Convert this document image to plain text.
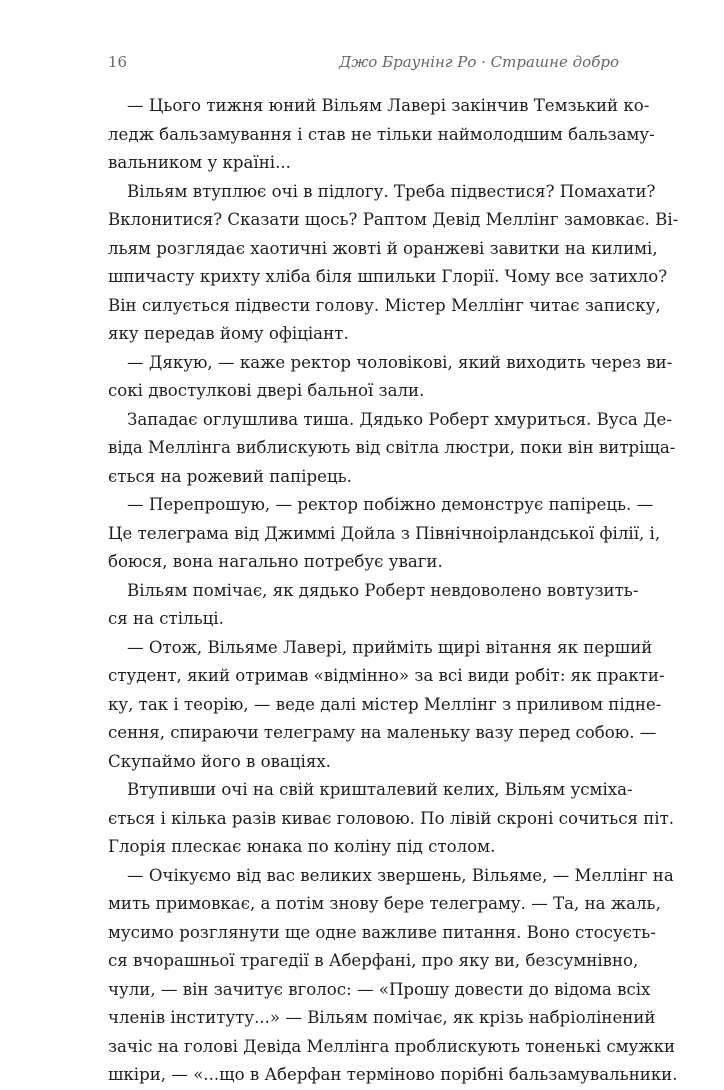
16	Джо Браунінг Ро · Страшне добро
— Цього тижня юний Вільям Лавері закінчив Темзький ко-
ледж бальзамування і став не тільки наймолодшим бальзаму-
вальником у країні...
Вільям втуплює очі в підлогу. Треба підвестися? Помахати?
Вклонитися? Сказати щось? Раптом Девід Меллінг замовкає. Ві-
льям розглядає хаотичні жовті й оранжеві завитки на килимі,
шпичасту крихту хліба біля шпильки Глорії. Чому все затихло?
Він силується підвести голову. Містер Меллінг читає записку,
яку передав йому офіціант.
— Дякую, — каже ректор чоловікові, який виходить через ви-
сокі двостулкові двері бальної зали.
Западає оглушлива тиша. Дядько Роберт хмуриться. Вуса Де-
віда Меллінга виблискують від світла люстри, поки він витріща-
ється на рожевий папірець.
— Перепрошую, — ректор побіжно демонструє папірець. —
Це телеграма від Джиммі Дойла з Північноірландської філії, і,
боюся, вона нагально потребує уваги.
Вільям помічає, як дядько Роберт невдоволено вовтузить-
ся на стільці.
— Отож, Вільяме Лавері, прийміть щирі вітання як перший
студент, який отримав «відмінно» за всі види робіт: як практи-
ку, так і теорію, — веде далі містер Меллінг з приливом підне-
сення, спираючи телеграму на маленьку вазу перед собою. —
Скупаймо його в оваціях.
Втупивши очі на свій кришталевий келих, Вільям усміха-
ється і кілька разів киває головою. По лівій скроні сочиться піт.
Глорія плескає юнака по коліну під столом.
— Очікуємо від вас великих звершень, Вільяме, — Меллінг на
мить примовкає, а потім знову бере телеграму. — Та, на жаль,
мусимо розглянути ще одне важливе питання. Воно стосуєть-
ся вчорашньої трагедії в Аберфані, про яку ви, безсумнівно,
чули, — він зачитує вголос: — «Прошу довести до відома всіх
членів інституту...» — Вільям помічає, як крізь набріолінений
зачіс на голові Девіда Меллінга проблискують тоненькі смужки
шкіри, — «...що в Аберфан терміново порібні бальзамувальники.
